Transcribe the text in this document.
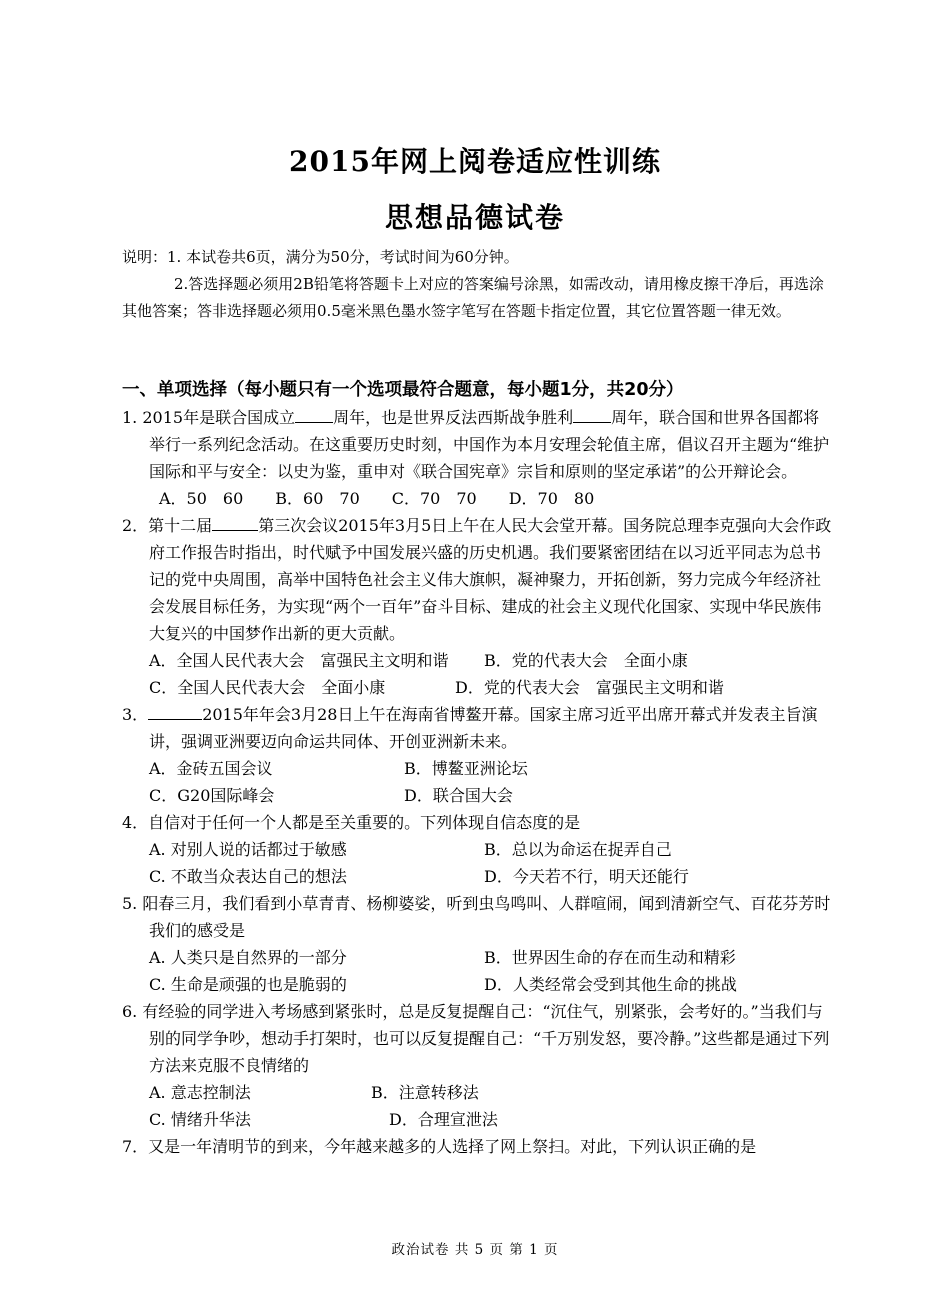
2015年网上阅卷适应性训练
思想品德试卷
说明：1. 本试卷共6页，满分为50分，考试时间为60分钟。
2.答选择题必须用2B铅笔将答题卡上对应的答案编号涂黑，如需改动，请用橡皮擦干净后，再选涂其他答案；答非选择题必须用0.5毫米黑色墨水签字笔写在答题卡指定位置，其它位置答题一律无效。
一、单项选择（每小题只有一个选项最符合题意，每小题1分，共20分）
1. 2015年是联合国成立 周年，也是世界反法西斯战争胜利 周年，联合国和世界各国都将举行一系列纪念活动。在这重要历史时刻，中国作为本月安理会轮值主席，倡议召开主题为“维护国际和平与安全：以史为鉴，重申对《联合国宪章》宗旨和原则的坚定承诺”的公开辩论会。
A．50　60　　B．60　70　　C．70　70　　D．70　80
2．第十二届	第三次会议2015年3月5日上午在人民大会堂开幕。国务院总理李克强向大会作政府工作报告时指出，时代赋予中国发展兴盛的历史机遇。我们要紧密团结在以习近平同志为总书记的党中央周围，高举中国特色社会主义伟大旗帜，凝神聚力，开拓创新，努力完成今年经济社会发展目标任务，为实现“两个一百年”奋斗目标、建成的社会主义现代化国家、实现中华民族伟大复兴的中国梦作出新的更大贡献。
A．全国人民代表大会　富强民主文明和谐	B．党的代表大会　全面小康
C．全国人民代表大会　全面小康	D．党的代表大会　富强民主文明和谐
3．	2015年年会3月28日上午在海南省博鳌开幕。国家主席习近平出席开幕式并发表主旨演讲，强调亚洲要迈向命运共同体、开创亚洲新未来。
A．金砖五国会议	B．博鳌亚洲论坛
C．G20国际峰会	D．联合国大会
4．自信对于任何一个人都是至关重要的。下列体现自信态度的是
A. 对别人说的话都过于敏感	B．总以为命运在捉弄自己
C. 不敢当众表达自己的想法	D．今天若不行，明天还能行
5. 阳春三月，我们看到小草青青、杨柳婆娑，听到虫鸟鸣叫、人群喧闹，闻到清新空气、百花芬芳时我们的感受是
A. 人类只是自然界的一部分	B．世界因生命的存在而生动和精彩
C. 生命是顽强的也是脆弱的	D．人类经常会受到其他生命的挑战
6. 有经验的同学进入考场感到紧张时，总是反复提醒自己：“沉住气，别紧张，会考好的。”当我们与别的同学争吵，想动手打架时，也可以反复提醒自己：“千万别发怒，要冷静。”这些都是通过下列方法来克服不良情绪的
A. 意志控制法	B．注意转移法
C. 情绪升华法	D．合理宣泄法
7．又是一年清明节的到来，今年越来越多的人选择了网上祭扫。对此，下列认识正确的是
政治试卷 共 5 页 第 1 页
